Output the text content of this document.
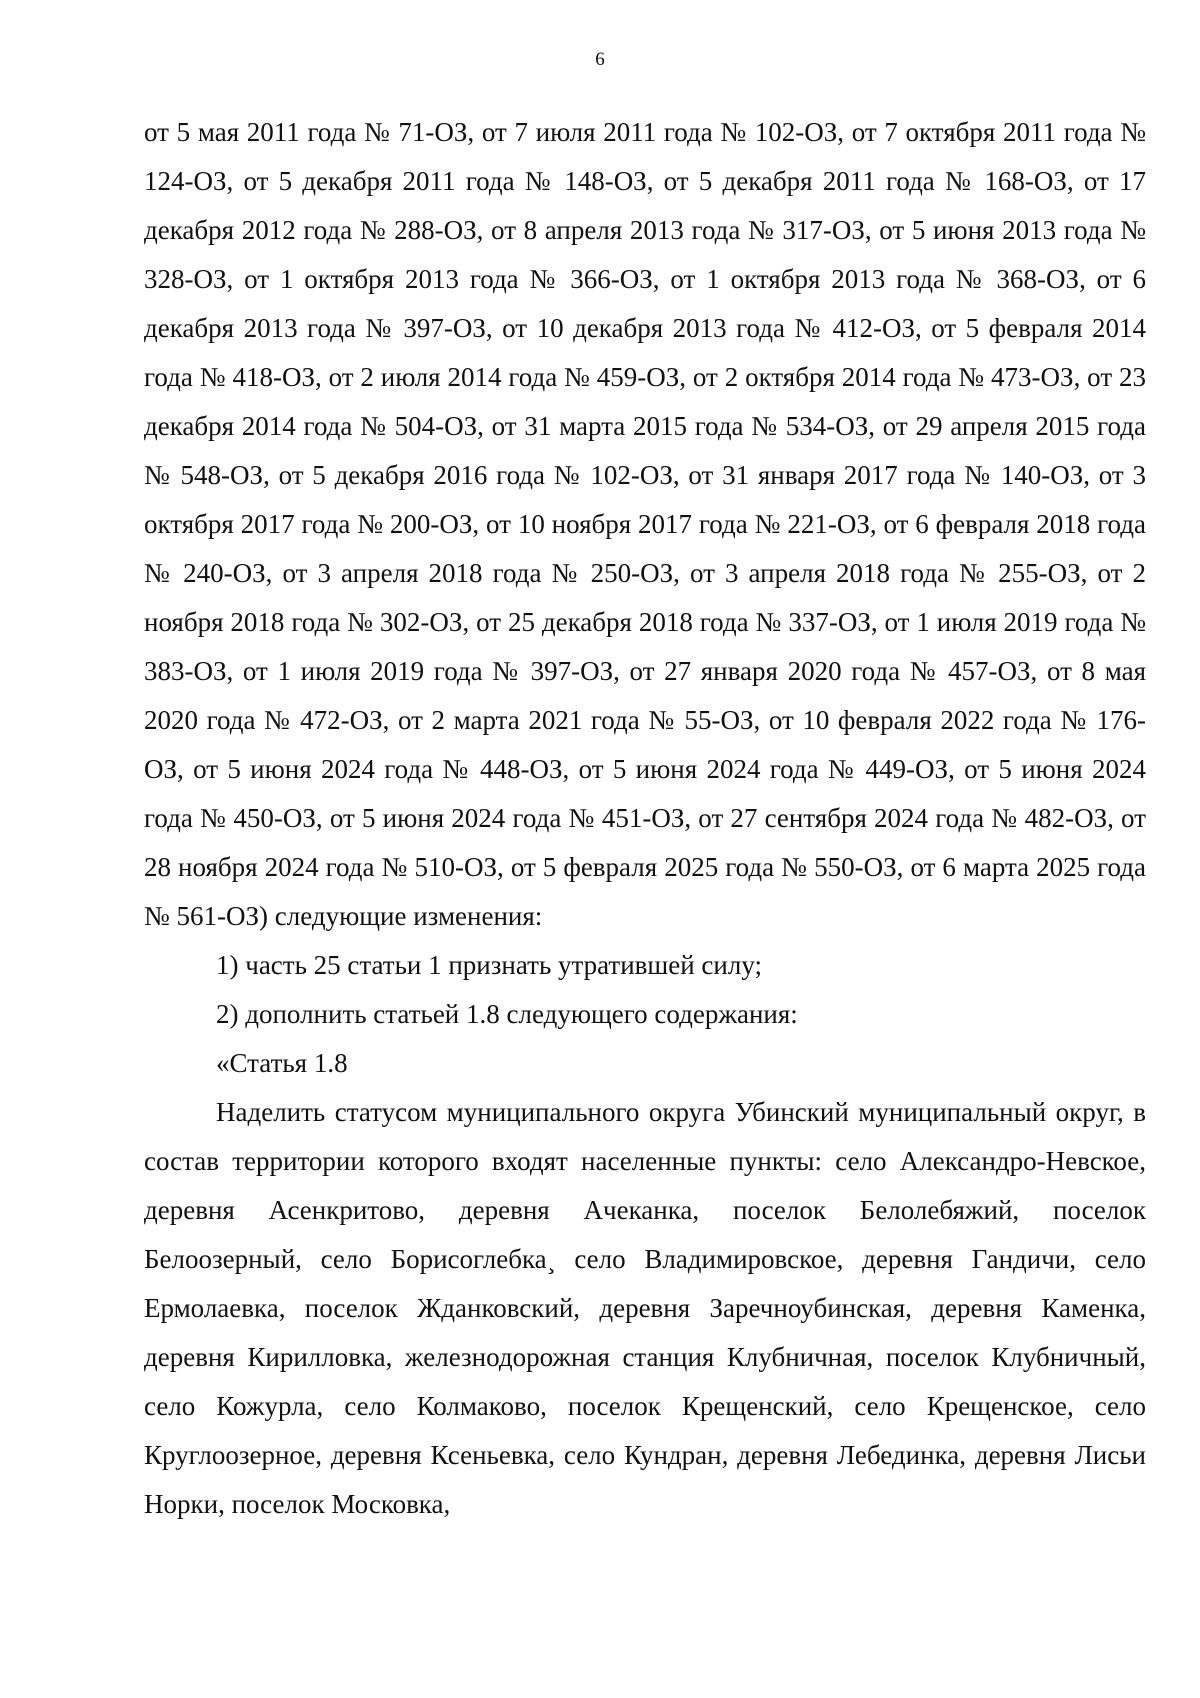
6

от 5 мая 2011 года № 71-ОЗ, от 7 июля 2011 года № 102-ОЗ, от 7 октября 2011 года № 124-ОЗ, от 5 декабря 2011 года № 148-ОЗ, от 5 декабря 2011 года № 168-ОЗ, от 17 декабря 2012 года № 288-ОЗ, от 8 апреля 2013 года № 317-ОЗ, от 5 июня 2013 года № 328-ОЗ, от 1 октября 2013 года № 366-ОЗ, от 1 октября 2013 года № 368-ОЗ, от 6 декабря 2013 года № 397-ОЗ, от 10 декабря 2013 года № 412-ОЗ, от 5 февраля 2014 года № 418-ОЗ, от 2 июля 2014 года № 459-ОЗ, от 2 октября 2014 года № 473-ОЗ, от 23 декабря 2014 года № 504-ОЗ, от 31 марта 2015 года № 534-ОЗ, от 29 апреля 2015 года № 548-ОЗ, от 5 декабря 2016 года № 102-ОЗ, от 31 января 2017 года № 140-ОЗ, от 3 октября 2017 года № 200-ОЗ, от 10 ноября 2017 года № 221-ОЗ, от 6 февраля 2018 года № 240-ОЗ, от 3 апреля 2018 года № 250-ОЗ, от 3 апреля 2018 года № 255-ОЗ, от 2 ноября 2018 года № 302-ОЗ, от 25 декабря 2018 года № 337-ОЗ, от 1 июля 2019 года № 383-ОЗ, от 1 июля 2019 года № 397-ОЗ, от 27 января 2020 года № 457-ОЗ, от 8 мая 2020 года № 472-ОЗ, от 2 марта 2021 года № 55-ОЗ, от 10 февраля 2022 года № 176-ОЗ, от 5 июня 2024 года № 448-ОЗ, от 5 июня 2024 года № 449-ОЗ, от 5 июня 2024 года № 450-ОЗ, от 5 июня 2024 года № 451-ОЗ, от 27 сентября 2024 года № 482-ОЗ, от 28 ноября 2024 года № 510-ОЗ, от 5 февраля 2025 года № 550-ОЗ, от 6 марта 2025 года № 561-ОЗ) следующие изменения:

1) часть 25 статьи 1 признать утратившей силу;

2) дополнить статьей 1.8 следующего содержания:

«Статья 1.8

Наделить статусом муниципального округа Убинский муниципальный округ, в состав территории которого входят населенные пункты: село Александро-Невское, деревня Асенкритово, деревня Ачеканка, поселок Белолебяжий, поселок Белоозерный, село Борисоглебка¸ село Владимировское, деревня Гандичи, село Ермолаевка, поселок Жданковский, деревня Заречноубинская, деревня Каменка, деревня Кирилловка, железнодорожная станция Клубничная, поселок Клубничный, село Кожурла, село Колмаково, поселок Крещенский, село Крещенское, село Круглоозерное, деревня Ксеньевка, село Кундран, деревня Лебединка, деревня Лисьи Норки, поселок Московка,
